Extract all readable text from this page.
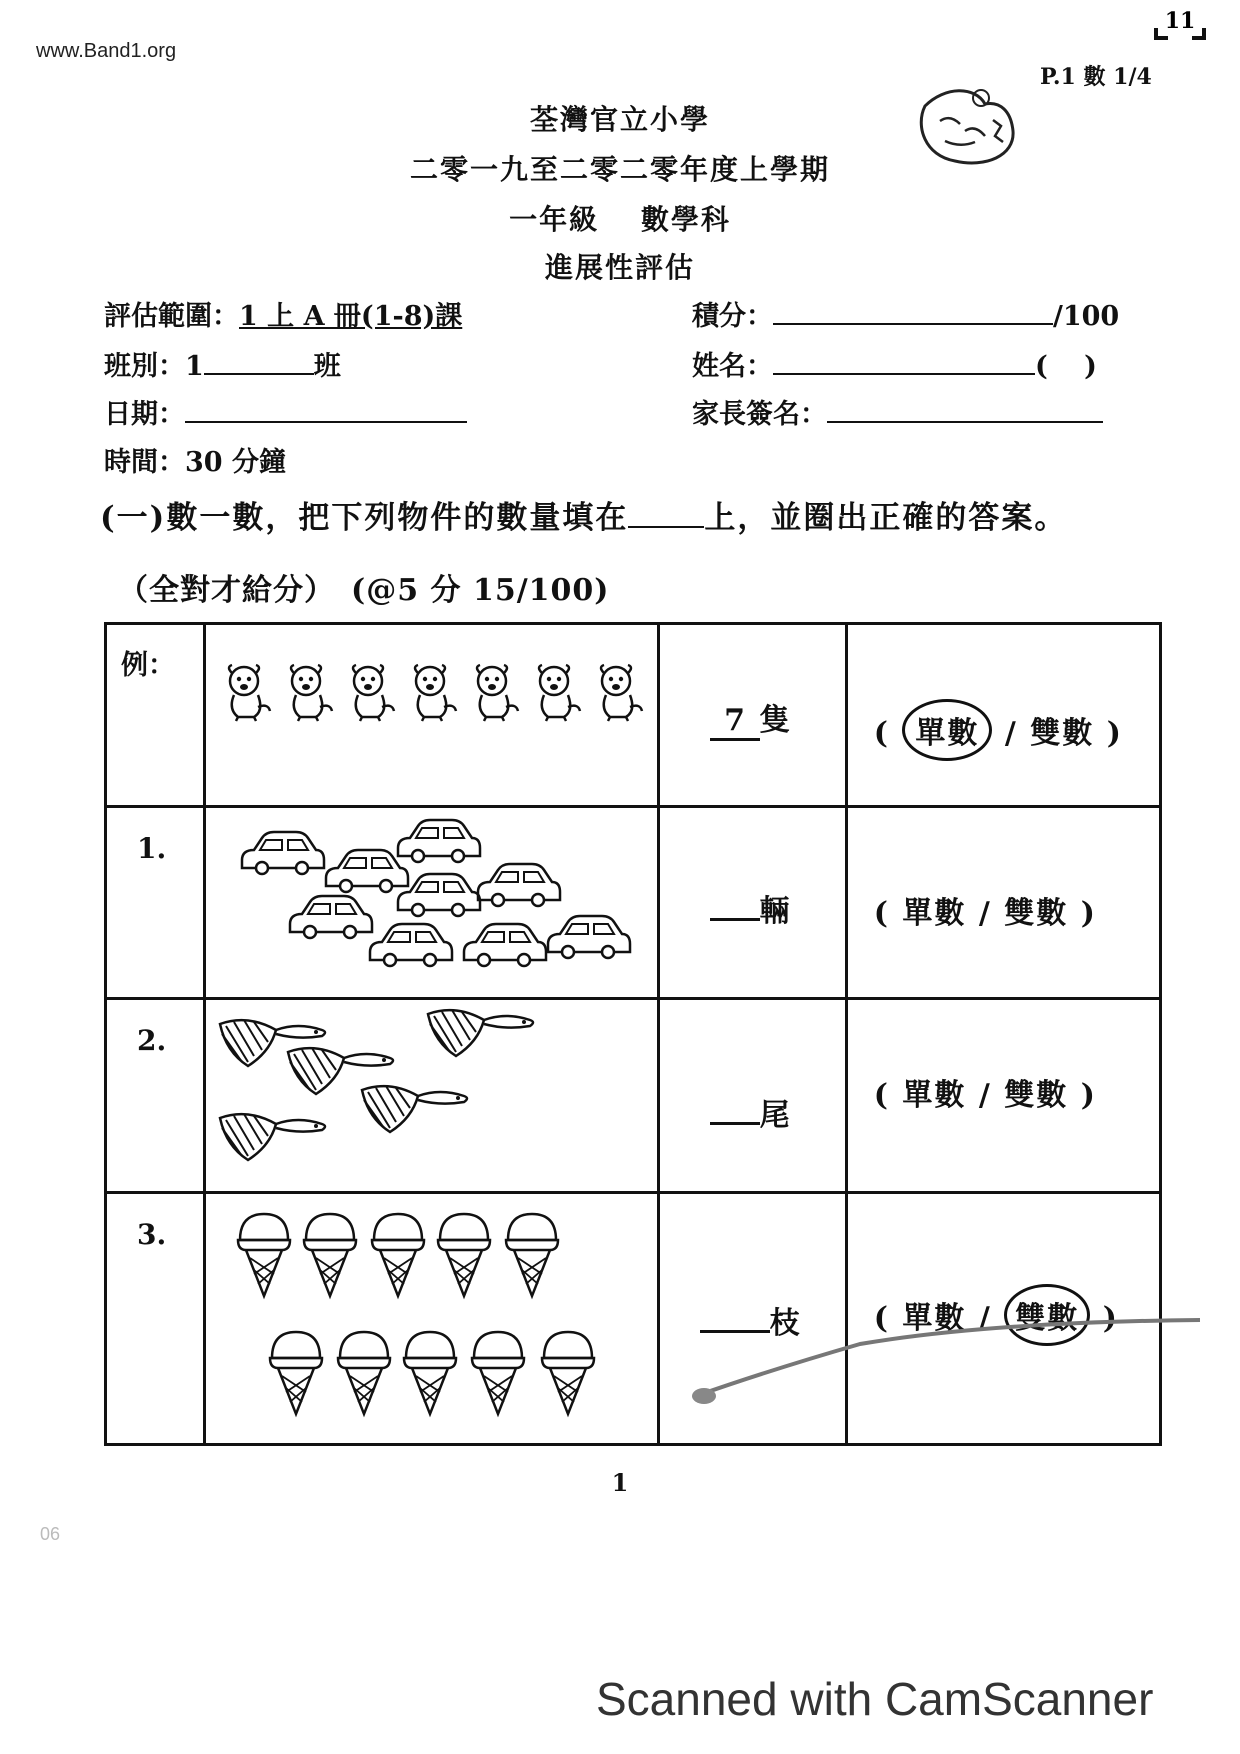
www.Band1.org
11
P.1 數 1/4
荃灣官立小學
二零一九至二零二零年度上學期
一年級　 數學科
進展性評估
評估範圍：1 上 A 冊(1-8)課	積分：	/100
班別：1	班	姓名：	(　 )
日期：	家長簽名：
時間：30 分鐘
(一)數一數，把下列物件的數量填在 上，並圈出正確的答案。
（全對才給分）　(@5 分 15/100)
例：		7 隻	( 單數 / 雙數 )

1.		輛	( 單數 / 雙數 )

2.		尾	( 單數 / 雙數 )

3.		枝	( 單數 / 雙數 )
1
06
Scanned with CamScanner
